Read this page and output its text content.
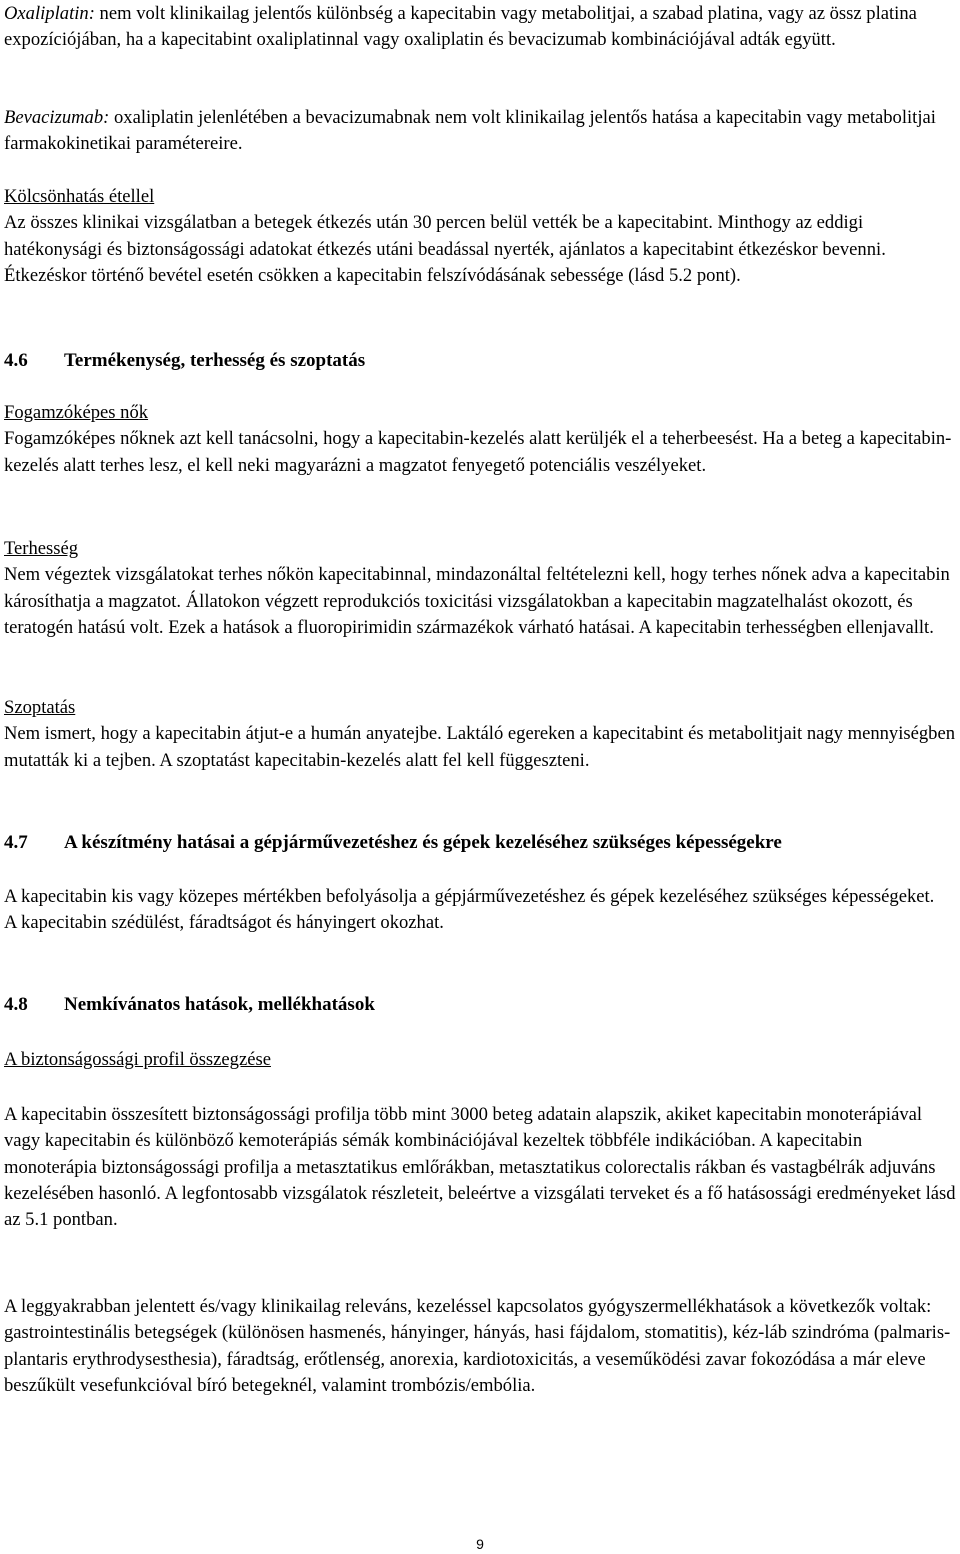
Oxaliplatin: nem volt klinikailag jelentős különbség a kapecitabin vagy metabolitjai, a szabad platina, vagy az össz platina expozíciójában, ha a kapecitabint oxaliplatinnal vagy oxaliplatin és bevacizumab kombinációjával adták együtt.

Bevacizumab: oxaliplatin jelenlétében a bevacizumabnak nem volt klinikailag jelentős hatása a kapecitabin vagy metabolitjai farmakokinetikai paramétereire.

Kölcsönhatás étellel

Az összes klinikai vizsgálatban a betegek étkezés után 30 percen belül vették be a kapecitabint. Minthogy az eddigi hatékonysági és biztonságossági adatokat étkezés utáni beadással nyerték, ajánlatos a kapecitabint étkezéskor bevenni. Étkezéskor történő bevétel esetén csökken a kapecitabin felszívódásának sebessége (lásd 5.2 pont).

4.6 Termékenység, terhesség és szoptatás

Fogamzóképes nők

Fogamzóképes nőknek azt kell tanácsolni, hogy a kapecitabin-kezelés alatt kerüljék el a teherbeesést. Ha a beteg a kapecitabin-kezelés alatt terhes lesz, el kell neki magyarázni a magzatot fenyegető potenciális veszélyeket.

Terhesség

Nem végeztek vizsgálatokat terhes nőkön kapecitabinnal, mindazonáltal feltételezni kell, hogy terhes nőnek adva a kapecitabin károsíthatja a magzatot. Állatokon végzett reprodukciós toxicitási vizsgálatokban a kapecitabin magzatelhalást okozott, és teratogén hatású volt. Ezek a hatások a fluoropirimidin származékok várható hatásai. A kapecitabin terhességben ellenjavallt.

Szoptatás

Nem ismert, hogy a kapecitabin átjut-e a humán anyatejbe. Laktáló egereken a kapecitabint és metabolitjait nagy mennyiségben mutatták ki a tejben. A szoptatást kapecitabin-kezelés alatt fel kell függeszteni.

4.7 A készítmény hatásai a gépjárművezetéshez és gépek kezeléséhez szükséges képességekre

A kapecitabin kis vagy közepes mértékben befolyásolja a gépjárművezetéshez és gépek kezeléséhez szükséges képességeket.

A kapecitabin szédülést, fáradtságot és hányingert okozhat.

4.8 Nemkívánatos hatások, mellékhatások

A biztonságossági profil összegzése

A kapecitabin összesített biztonságossági profilja több mint 3000 beteg adatain alapszik, akiket kapecitabin monoterápiával vagy kapecitabin és különböző kemoterápiás sémák kombinációjával kezeltek többféle indikációban. A kapecitabin monoterápia biztonságossági profilja a metasztatikus emlőrákban, metasztatikus colorectalis rákban és vastagbélrák adjuváns kezelésében hasonló. A legfontosabb vizsgálatok részleteit, beleértve a vizsgálati terveket és a fő hatásossági eredményeket lásd az 5.1 pontban.

A leggyakrabban jelentett és/vagy klinikailag releváns, kezeléssel kapcsolatos gyógyszermellékhatások a következők voltak: gastrointestinális betegségek (különösen hasmenés, hányinger, hányás, hasi fájdalom, stomatitis), kéz-láb szindróma (palmaris-plantaris erythrodysesthesia), fáradtság, erőtlenség, anorexia, kardiotoxicitás, a veseműködési zavar fokozódása a már eleve beszűkült vesefunkcióval bíró betegeknél, valamint trombózis/embólia.

9
